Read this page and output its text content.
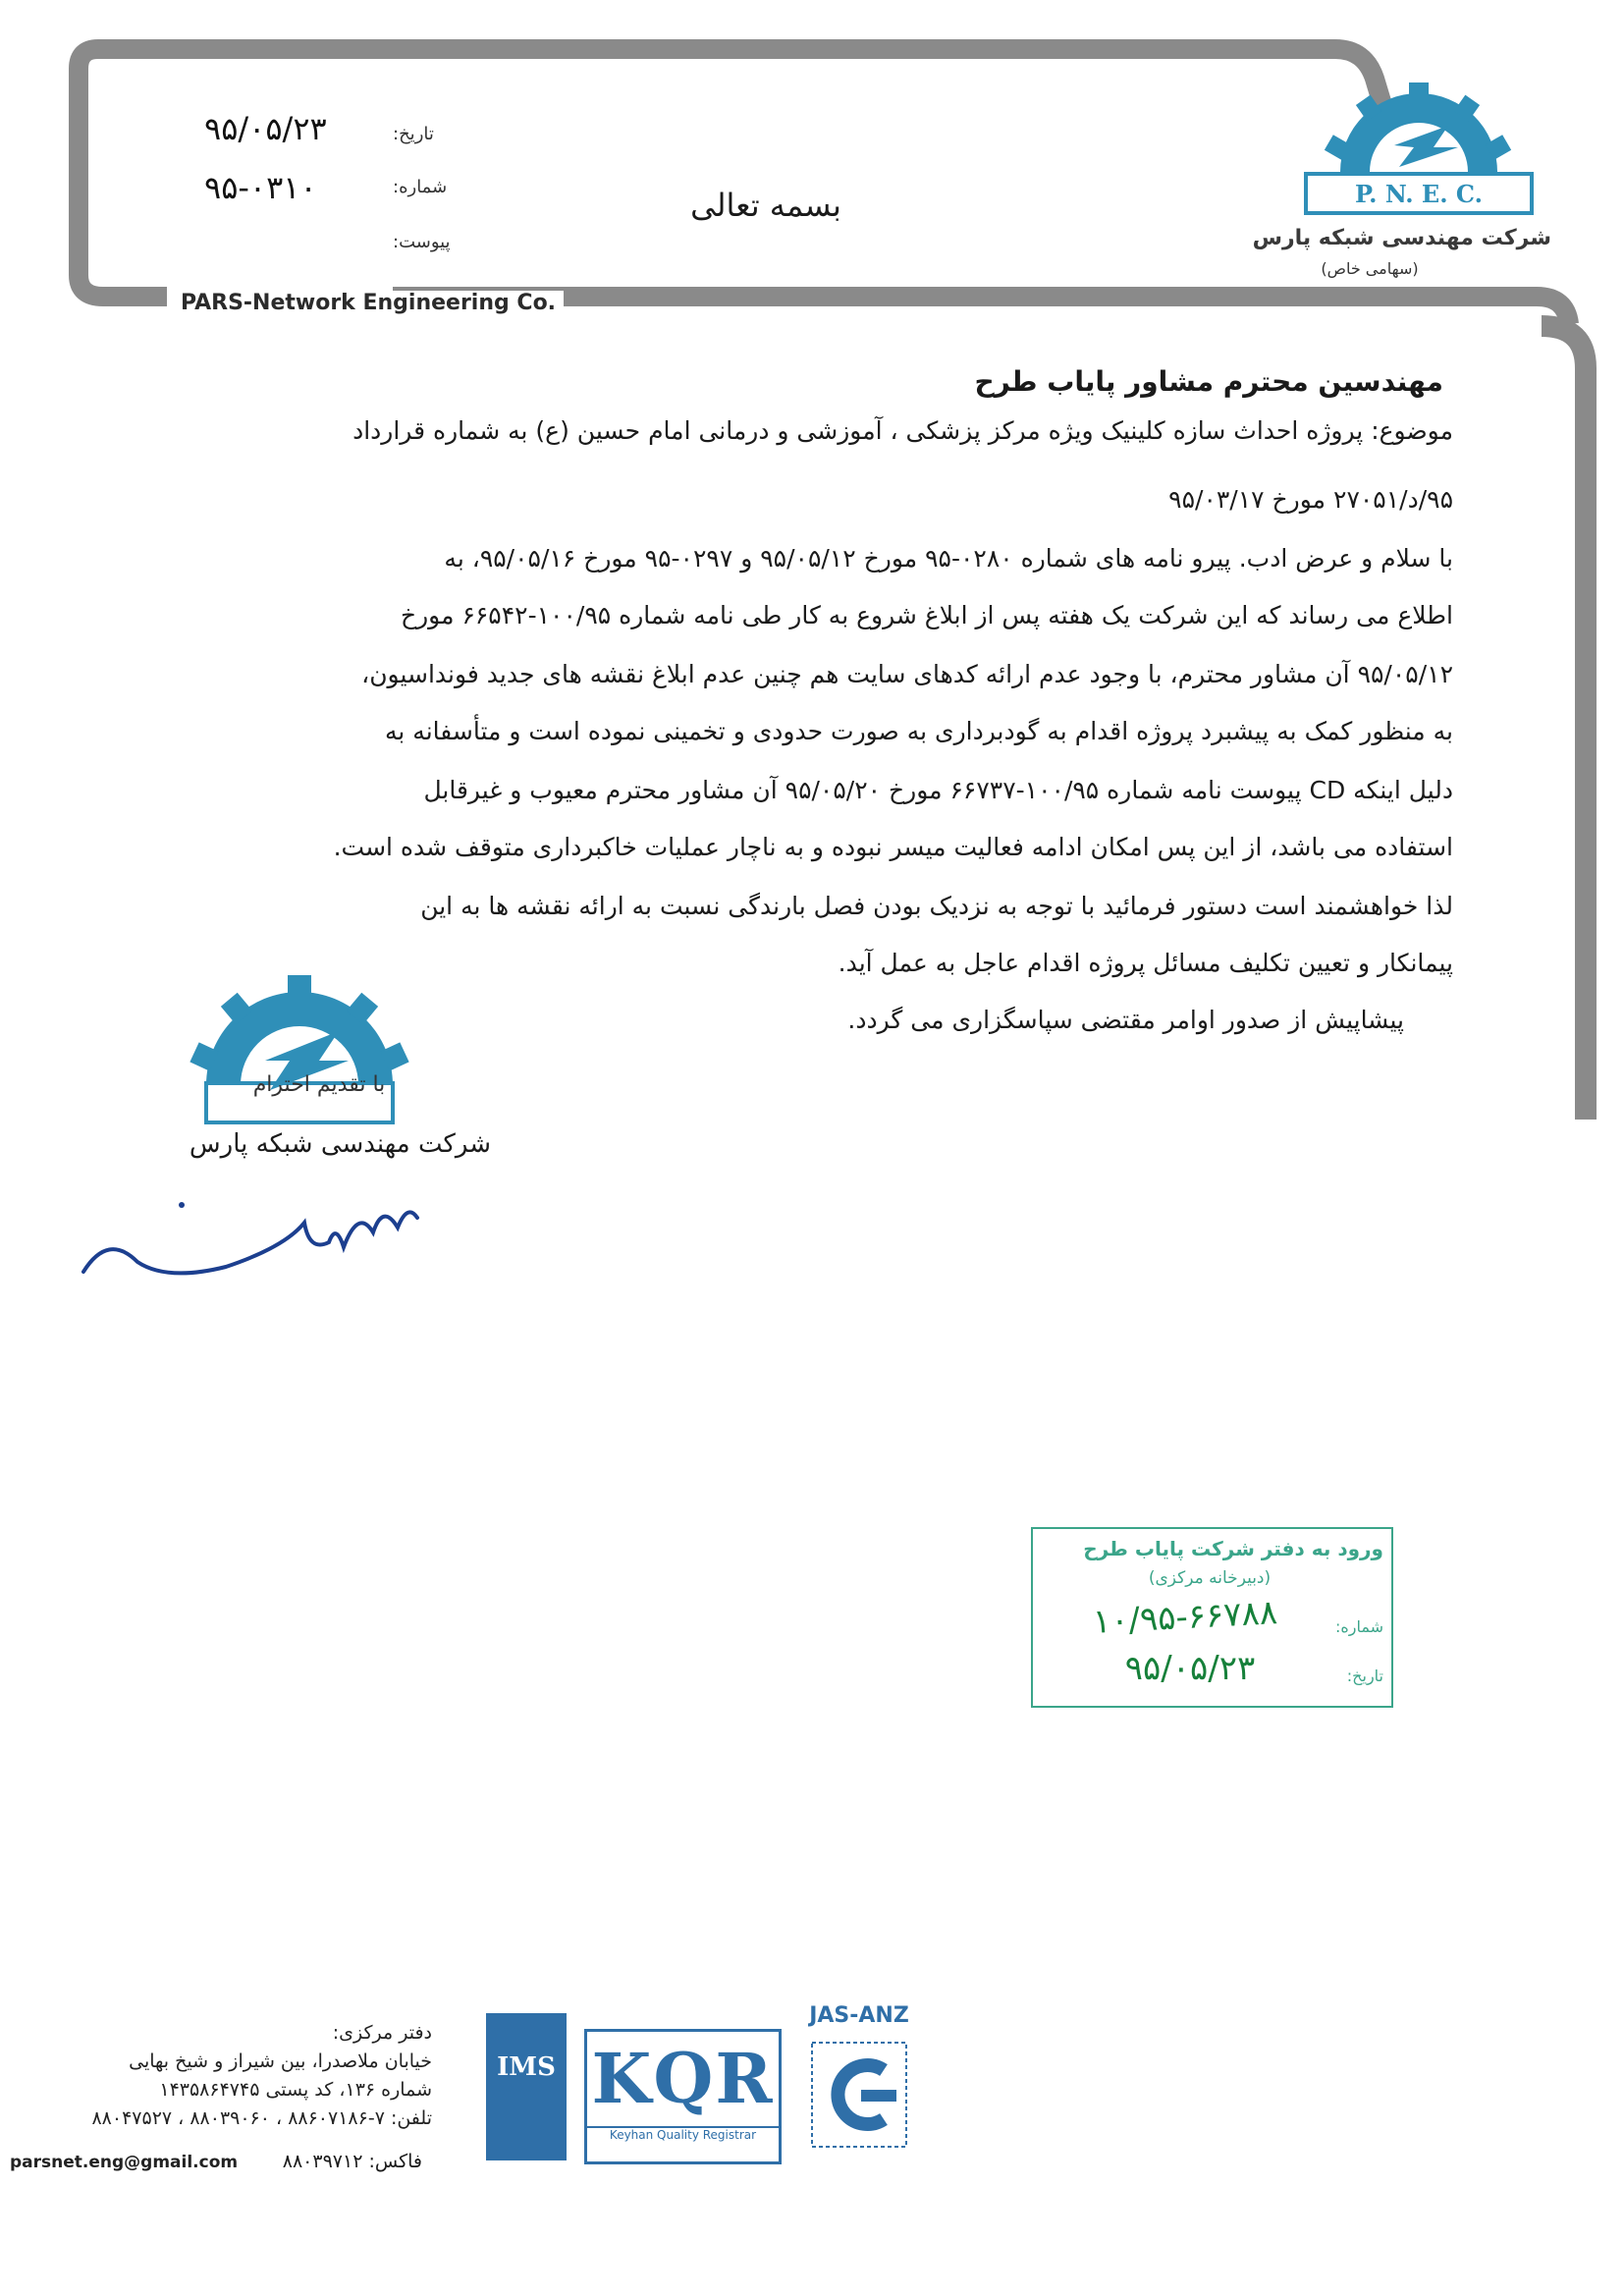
تاریخ:
۹۵/۰۵/۲۳
شماره:
۹۵-۰۳۱۰
پیوست:
بسمه تعالی
PARS-Network Engineering Co.
P. N. E. C.
شرکت مهندسی شبکه پارس
(سهامی خاص)
مهندسین محترم مشاور پایاب طرح
موضوع: پروژه احداث سازه کلینیک ویژه مرکز پزشکی ، آموزشی و درمانی امام حسین (ع) به شماره قرارداد
۹۵/د/۲۷۰۵۱ مورخ ۹۵/۰۳/۱۷
با سلام و عرض ادب. پیرو نامه های شماره ۰۲۸۰-۹۵ مورخ ۹۵/۰۵/۱۲ و ۰۲۹۷-۹۵ مورخ ۹۵/۰۵/۱۶، به
اطلاع می رساند که این شرکت یک هفته پس از ابلاغ شروع به کار طی نامه شماره ۱۰۰/۹۵-۶۶۵۴۲ مورخ
۹۵/۰۵/۱۲ آن مشاور محترم، با وجود عدم ارائه کدهای سایت هم چنین عدم ابلاغ نقشه های جدید فونداسیون،
به منظور کمک به پیشبرد پروژه اقدام به گودبرداری به صورت حدودی و تخمینی نموده است و متأسفانه به
دلیل اینکه CD پیوست نامه شماره ۱۰۰/۹۵-۶۶۷۳۷ مورخ ۹۵/۰۵/۲۰ آن مشاور محترم معیوب و غیرقابل
استفاده می باشد، از این پس امکان ادامه فعالیت میسر نبوده و به ناچار عملیات خاکبرداری متوقف شده است.
لذا خواهشمند است دستور فرمائید با توجه به نزدیک بودن فصل بارندگی نسبت به ارائه نقشه ها به این
پیمانکار و تعیین تکلیف مسائل پروژه اقدام عاجل به عمل آید.
پیشاپیش از صدور اوامر مقتضی سپاسگزاری می گردد.
با تقدیم احترام
شرکت مهندسی شبکه پارس
ورود به دفتر شرکت پایاب طرح
(دبیرخانه مرکزی)
شماره:
۱۰/۹۵-۶۶۷۸۸
تاریخ:
۹۵/۰۵/۲۳
دفتر مرکزی:
خیابان ملاصدرا، بین شیراز و شیخ بهایی
شماره ۱۳۶، کد پستی ۱۴۳۵۸۶۴۷۴۵
تلفن: ۷-۸۸۶۰۷۱۸۶ ، ۸۸۰۳۹۰۶۰ ، ۸۸۰۴۷۵۲۷
parsnet.eng@gmail.com	فاکس: ۸۸۰۳۹۷۱۲
IMS KQR
Keyhan Quality Registrar
JAS-ANZ
